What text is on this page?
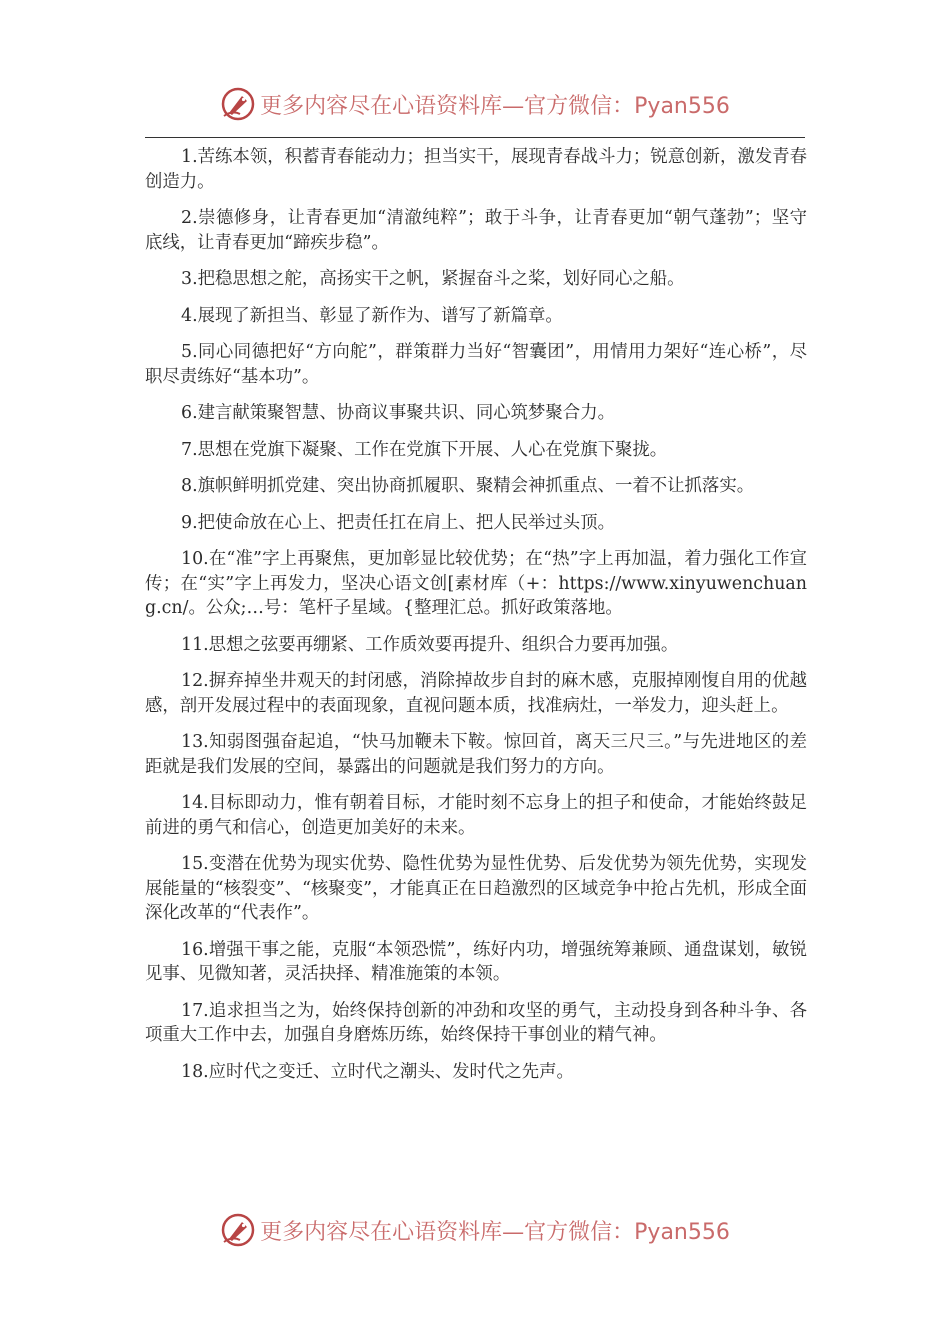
更多内容尽在心语资料库—官方微信：Pyan556

1.苦练本领，积蓄青春能动力；担当实干，展现青春战斗力；锐意创新，激发青春创造力。

2.崇德修身，让青春更加“清澈纯粹”；敢于斗争，让青春更加“朝气蓬勃”；坚守底线，让青春更加“蹄疾步稳”。

3.把稳思想之舵，高扬实干之帆，紧握奋斗之桨，划好同心之船。

4.展现了新担当、彰显了新作为、谱写了新篇章。

5.同心同德把好“方向舵”，群策群力当好“智囊团”，用情用力架好“连心桥”，尽职尽责练好“基本功”。

6.建言献策聚智慧、协商议事聚共识、同心筑梦聚合力。

7.思想在党旗下凝聚、工作在党旗下开展、人心在党旗下聚拢。

8.旗帜鲜明抓党建、突出协商抓履职、聚精会神抓重点、一着不让抓落实。

9.把使命放在心上、把责任扛在肩上、把人民举过头顶。

10.在“准”字上再聚焦，更加彰显比较优势；在“热”字上再加温，着力强化工作宣传；在“实”字上再发力，坚决心语文创[素材库（+：https://www.xinyuwenchuang.cn/。公众;…号：笔杆子星域。{整理汇总。抓好政策落地。

11.思想之弦要再绷紧、工作质效要再提升、组织合力要再加强。

12.摒弃掉坐井观天的封闭感，消除掉故步自封的麻木感，克服掉刚愎自用的优越感，剖开发展过程中的表面现象，直视问题本质，找准病灶，一举发力，迎头赶上。

13.知弱图强奋起追，“快马加鞭未下鞍。惊回首，离天三尺三。”与先进地区的差距就是我们发展的空间，暴露出的问题就是我们努力的方向。

14.目标即动力，惟有朝着目标，才能时刻不忘身上的担子和使命，才能始终鼓足前进的勇气和信心，创造更加美好的未来。

15.变潜在优势为现实优势、隐性优势为显性优势、后发优势为领先优势，实现发展能量的“核裂变”、“核聚变”，才能真正在日趋激烈的区域竞争中抢占先机，形成全面深化改革的“代表作”。

16.增强干事之能，克服“本领恐慌”，练好内功，增强统筹兼顾、通盘谋划，敏锐见事、见微知著，灵活抉择、精准施策的本领。

17.追求担当之为，始终保持创新的冲劲和攻坚的勇气，主动投身到各种斗争、各项重大工作中去，加强自身磨炼历练，始终保持干事创业的精气神。

18.应时代之变迁、立时代之潮头、发时代之先声。

更多内容尽在心语资料库—官方微信：Pyan556
